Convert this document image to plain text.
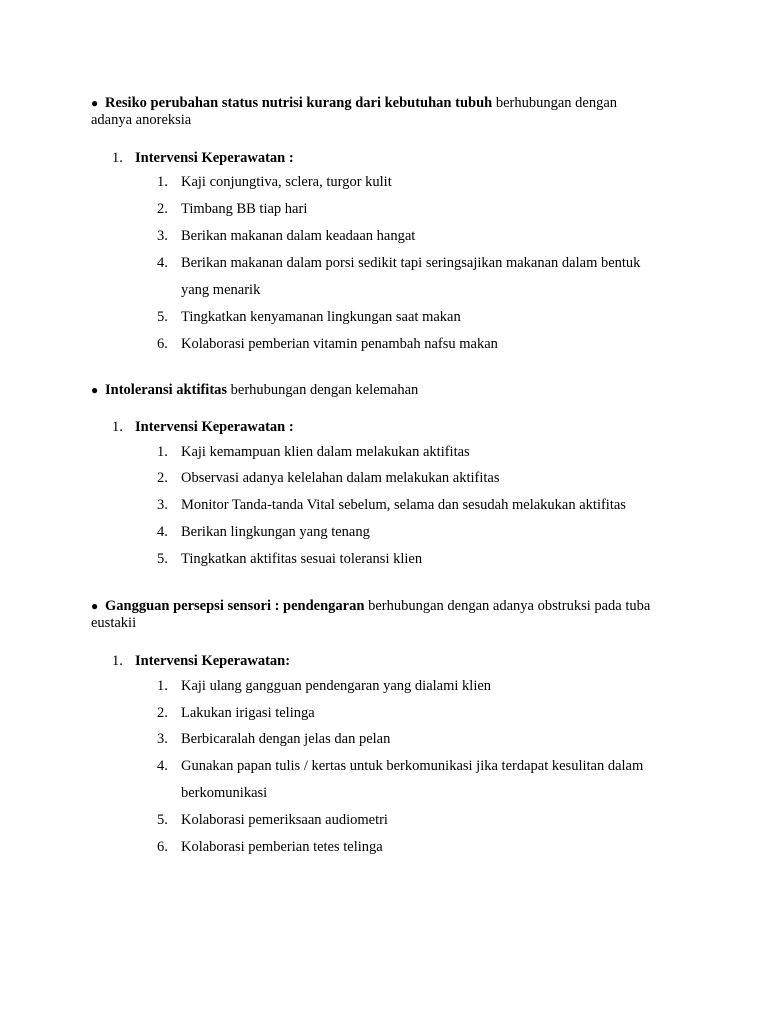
● Resiko perubahan status nutrisi kurang dari kebutuhan tubuh berhubungan dengan
adanya anoreksia
1. Intervensi Keperawatan :
1. Kaji conjungtiva, sclera, turgor kulit
2. Timbang BB tiap hari
3. Berikan makanan dalam keadaan hangat
4. Berikan makanan dalam porsi sedikit tapi seringsajikan makanan dalam bentuk
yang menarik
5. Tingkatkan kenyamanan lingkungan saat makan
6. Kolaborasi pemberian vitamin penambah nafsu makan
● Intoleransi aktifitas berhubungan dengan kelemahan
1. Intervensi Keperawatan :
1. Kaji kemampuan klien dalam melakukan aktifitas
2. Observasi adanya kelelahan dalam melakukan aktifitas
3. Monitor Tanda-tanda Vital sebelum, selama dan sesudah melakukan aktifitas
4. Berikan lingkungan yang tenang
5. Tingkatkan aktifitas sesuai toleransi klien
● Gangguan persepsi sensori : pendengaran berhubungan dengan adanya obstruksi pada tuba
eustakii
1. Intervensi Keperawatan:
1. Kaji ulang gangguan pendengaran yang dialami klien
2. Lakukan irigasi telinga
3. Berbicaralah dengan jelas dan pelan
4. Gunakan papan tulis / kertas untuk berkomunikasi jika terdapat kesulitan dalam
berkomunikasi
5. Kolaborasi pemeriksaan audiometri
6. Kolaborasi pemberian tetes telinga
